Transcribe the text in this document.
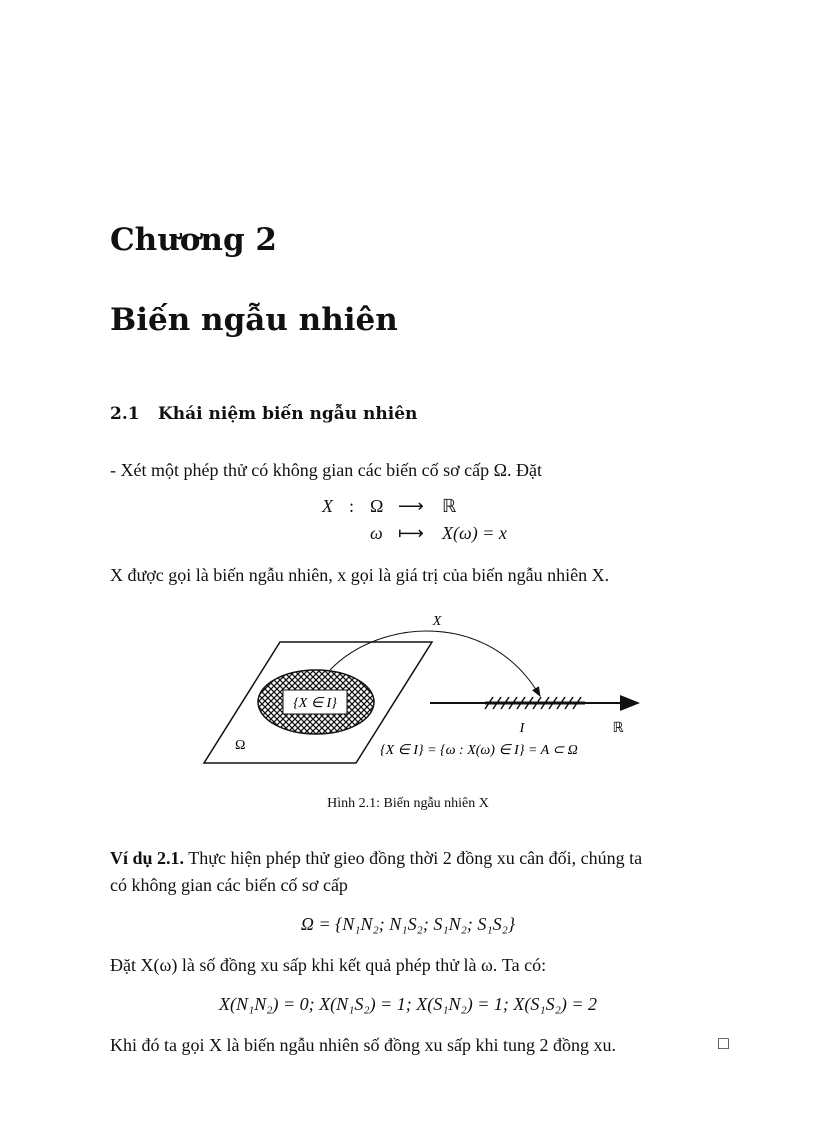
Chương 2
Biến ngẫu nhiên
2.1 Khái niệm biến ngẫu nhiên
- Xét một phép thử có không gian các biến cố sơ cấp Ω. Đặt
X : Ω ⟶ ℝ
ω ⟼ X(ω) = x
X được gọi là biến ngẫu nhiên, x gọi là giá trị của biến ngẫu nhiên X.
{X ∈ I}
Ω
X
I	ℝ
{X ∈ I} = {ω : X(ω) ∈ I} = A ⊂ Ω
Hình 2.1: Biến ngẫu nhiên X
Ví dụ 2.1. Thực hiện phép thử gieo đồng thời 2 đồng xu cân đối, chúng ta
có không gian các biến cố sơ cấp
Ω = {N₁N₂; N₁S₂; S₁N₂; S₁S₂}
Đặt X(ω) là số đồng xu sấp khi kết quả phép thử là ω. Ta có:
X(N₁N₂) = 0; X(N₁S₂) = 1; X(S₁N₂) = 1; X(S₁S₂) = 2
Khi đó ta gọi X là biến ngẫu nhiên số đồng xu sấp khi tung 2 đồng xu.	□
